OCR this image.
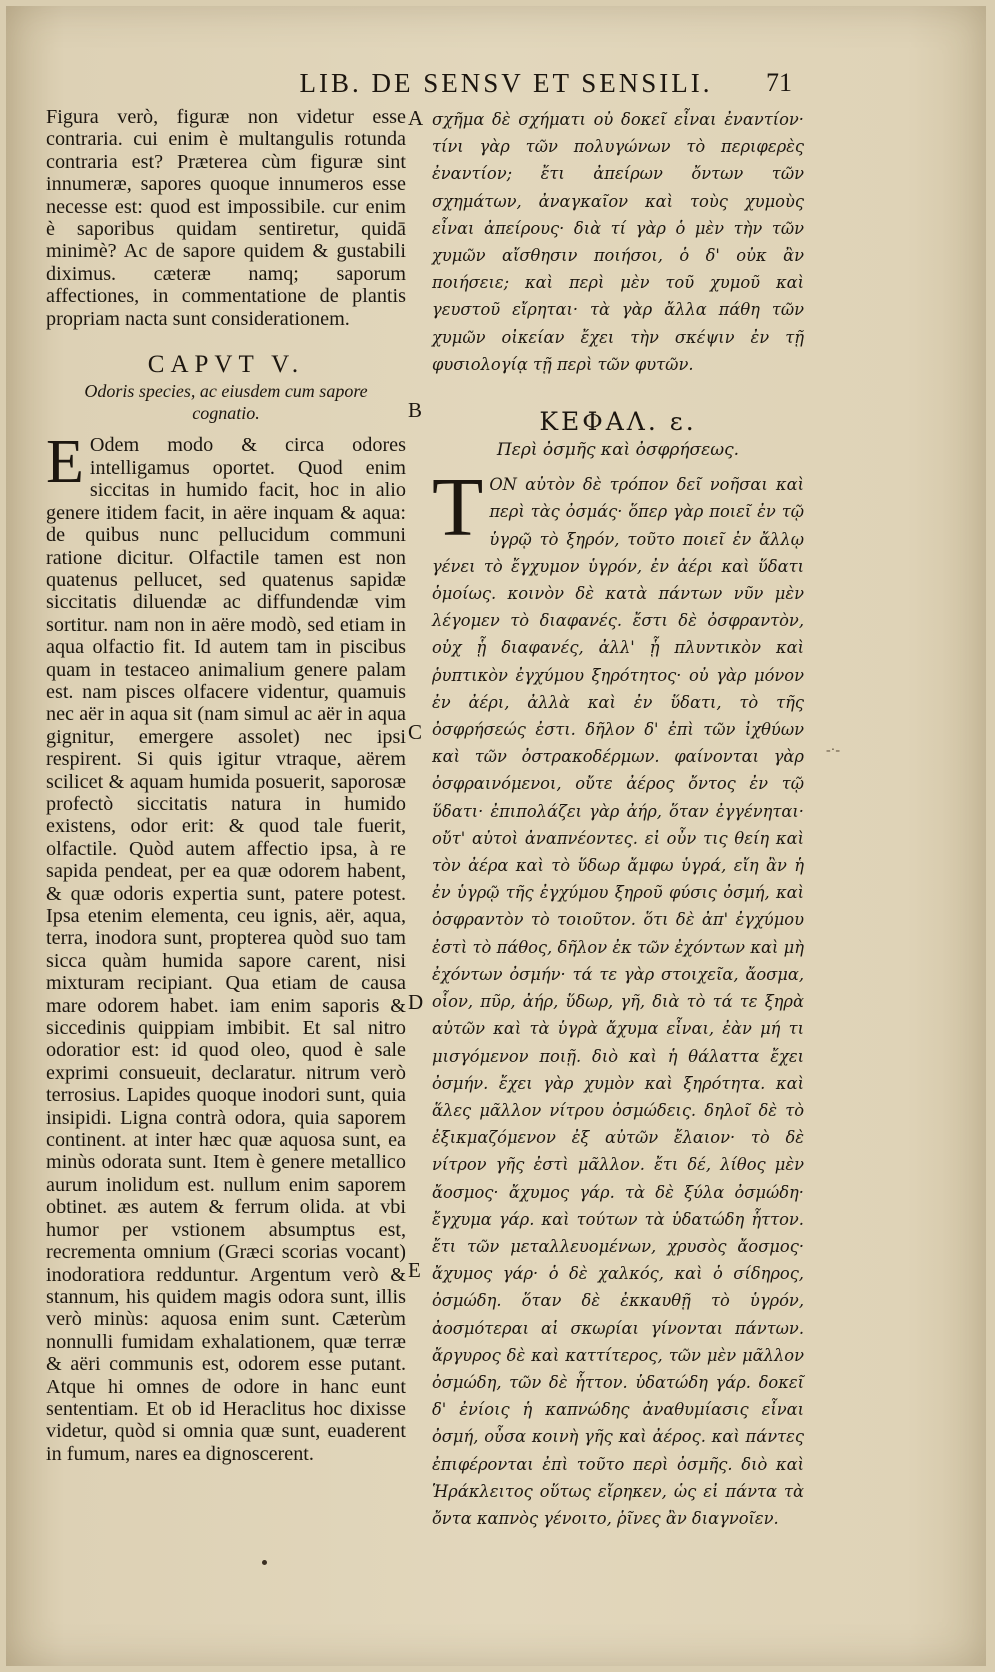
LIB. DE SENSV ET SENSILI.	71

Figura verò, figuræ non videtur esse contraria. cui enim è multangulis rotunda contraria est? Præterea cùm figuræ sint innumeræ, sapores quoque innumeros esse necesse est: quod est impossibile. cur enim è saporibus quidam sentiretur, quidā minimè? Ac de sapore quidem & gustabili diximus. cæteræ namq; saporum affectiones, in commentatione de plantis propriam nacta sunt considerationem.

CAPVT V.
Odoris species, ac eiusdem cum sapore cognatio.

E Odem modo & circa odores intelligamus oportet. Quod enim siccitas in humido facit, hoc in alio genere itidem facit, in aëre inquam & aqua: de quibus nunc pellucidum communi ratione dicitur. Olfactile tamen est non quatenus pellucet, sed quatenus sapidæ siccitatis diluendæ ac diffundendæ vim sortitur. nam non in aëre modò, sed etiam in aqua olfactio fit. Id autem tam in piscibus quam in testaceo animalium genere palam est. nam pisces olfacere videntur, quamuis nec aër in aqua sit (nam simul ac aër in aqua gignitur, emergere assolet) nec ipsi respirent. Si quis igitur vtraque, aërem scilicet & aquam humida posuerit, saporosæ profectò siccitatis natura in humido existens, odor erit: & quod tale fuerit, olfactile. Quòd autem affectio ipsa, à re sapida pendeat, per ea quæ odorem habent, & quæ odoris expertia sunt, patere potest. Ipsa etenim elementa, ceu ignis, aër, aqua, terra, inodora sunt, propterea quòd suo tam sicca quàm humida sapore carent, nisi mixturam recipiant. Qua etiam de causa mare odorem habet. iam enim saporis & siccedinis quippiam imbibit. Et sal nitro odoratior est: id quod oleo, quod è sale exprimi consueuit, declaratur. nitrum verò terrosius. Lapides quoque inodori sunt, quia insipidi. Ligna contrà odora, quia saporem continent. at inter hæc quæ aquosa sunt, ea minùs odorata sunt. Item è genere metallico aurum inolidum est. nullum enim saporem obtinet. æs autem & ferrum olida. at vbi humor per vstionem absumptus est, recrementa omnium (Græci scorias vocant) inodoratiora redduntur. Argentum verò & stannum, his quidem magis odora sunt, illis verò minùs: aquosa enim sunt. Cæterùm nonnulli fumidam exhalationem, quæ terræ & aëri communis est, odorem esse putant. Atque hi omnes de odore in hanc eunt sententiam. Et ob id Heraclitus hoc dixisse videtur, quòd si omnia quæ sunt, euaderent in fumum, nares ea dignoscerent.

A
B
C
D
E

σχῆμα δὲ σχήματι οὐ δοκεῖ εἶναι ἐναντίον· τίνι γὰρ τῶν πολυγώνων τὸ περιφερὲς ἐναντίον; ἔτι ἀπείρων ὄντων τῶν σχημάτων, ἀναγκαῖον καὶ τοὺς χυμοὺς εἶναι ἀπείρους· διὰ τί γὰρ ὁ μὲν τὴν τῶν χυμῶν αἴσθησιν ποιήσοι, ὁ δ' οὐκ ἂν ποιήσειε; καὶ περὶ μὲν τοῦ χυμοῦ καὶ γευστοῦ εἴρηται· τὰ γὰρ ἄλλα πάθη τῶν χυμῶν οἰκείαν ἔχει τὴν σκέψιν ἐν τῇ φυσιολογίᾳ τῇ περὶ τῶν φυτῶν.

ΚΕΦΑΛ. ε.
Περὶ ὀσμῆς καὶ ὀσφρήσεως.

Τ ΟΝ αὐτὸν δὲ τρόπον δεῖ νοῆσαι καὶ περὶ τὰς ὀσμάς· ὅπερ γὰρ ποιεῖ ἐν τῷ ὑγρῷ τὸ ξηρόν, τοῦτο ποιεῖ ἐν ἄλλῳ γένει τὸ ἔγχυμον ὑγρόν, ἐν ἀέρι καὶ ὕδατι ὁμοίως. κοινὸν δὲ κατὰ πάντων νῦν μὲν λέγομεν τὸ διαφανές. ἔστι δὲ ὀσφραντὸν, οὐχ ᾗ διαφανές, ἀλλ' ᾗ πλυντικὸν καὶ ῥυπτικὸν ἐγχύμου ξηρότητος· οὐ γὰρ μόνον ἐν ἀέρι, ἀλλὰ καὶ ἐν ὕδατι, τὸ τῆς ὀσφρήσεώς ἐστι. δῆλον δ' ἐπὶ τῶν ἰχθύων καὶ τῶν ὀστρακοδέρμων. φαίνονται γὰρ ὀσφραινόμενοι, οὔτε ἀέρος ὄντος ἐν τῷ ὕδατι· ἐπιπολάζει γὰρ ἀήρ, ὅταν ἐγγένηται· οὔτ' αὐτοὶ ἀναπνέοντες. εἰ οὖν τις θείη καὶ τὸν ἀέρα καὶ τὸ ὕδωρ ἄμφω ὑγρά, εἴη ἂν ἡ ἐν ὑγρῷ τῆς ἐγχύμου ξηροῦ φύσις ὀσμή, καὶ ὀσφραντὸν τὸ τοιοῦτον. ὅτι δὲ ἀπ' ἐγχύμου ἐστὶ τὸ πάθος, δῆλον ἐκ τῶν ἐχόντων καὶ μὴ ἐχόντων ὀσμήν· τά τε γὰρ στοιχεῖα, ἄοσμα, οἷον, πῦρ, ἀήρ, ὕδωρ, γῆ, διὰ τὸ τά τε ξηρὰ αὐτῶν καὶ τὰ ὑγρὰ ἄχυμα εἶναι, ἐὰν μή τι μισγόμενον ποιῇ. διὸ καὶ ἡ θάλαττα ἔχει ὀσμήν. ἔχει γὰρ χυμὸν καὶ ξηρότητα. καὶ ἅλες μᾶλλον νίτρου ὀσμώδεις. δηλοῖ δὲ τὸ ἐξικμαζόμενον ἐξ αὐτῶν ἔλαιον· τὸ δὲ νίτρον γῆς ἐστὶ μᾶλλον. ἔτι δέ, λίθος μὲν ἄοσμος· ἄχυμος γάρ. τὰ δὲ ξύλα ὀσμώδη· ἔγχυμα γάρ. καὶ τούτων τὰ ὑδατώδη ἧττον. ἔτι τῶν μεταλλευομένων, χρυσὸς ἄοσμος· ἄχυμος γάρ· ὁ δὲ χαλκός, καὶ ὁ σίδηρος, ὀσμώδη. ὅταν δὲ ἐκκαυθῇ τὸ ὑγρόν, ἀοσμότεραι αἱ σκωρίαι γίνονται πάντων. ἄργυρος δὲ καὶ καττίτερος, τῶν μὲν μᾶλλον ὀσμώδη, τῶν δὲ ἧττον. ὑδατώδη γάρ. δοκεῖ δ' ἐνίοις ἡ καπνώδης ἀναθυμίασις εἶναι ὀσμή, οὖσα κοινὴ γῆς καὶ ἀέρος. καὶ πάντες ἐπιφέρονται ἐπὶ τοῦτο περὶ ὀσμῆς. διὸ καὶ Ἡράκλειτος οὕτως εἴρηκεν, ὡς εἰ πάντα τὰ ὄντα καπνὸς γένοιτο, ῥῖνες ἂν διαγνοῖεν.

-·-
